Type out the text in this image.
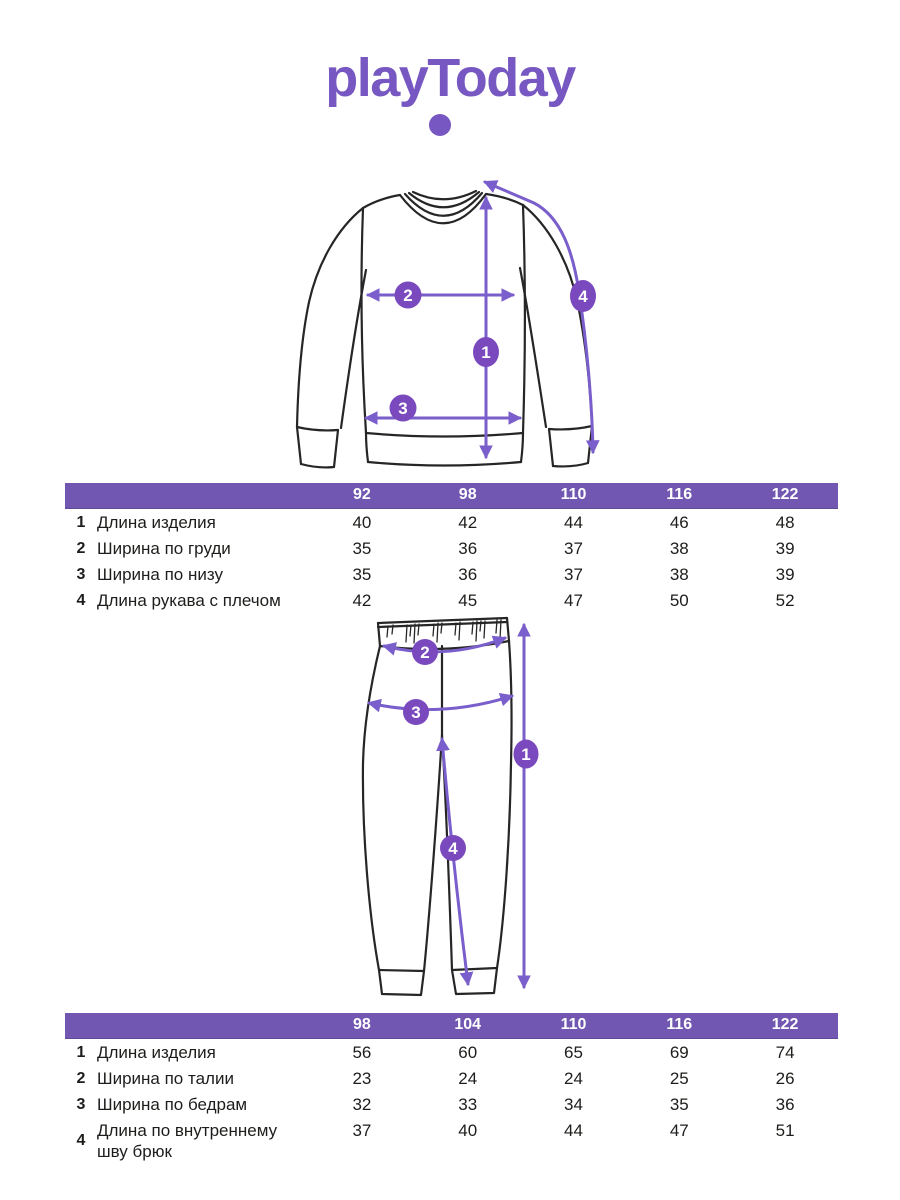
playToday
1
2
3
4
		92	98	110	116	122
1	Длина изделия	40	42	44	46	48
2	Ширина по груди	35	36	37	38	39
3	Ширина по низу	35	36	37	38	39
4	Длина рукава с плечом	42	45	47	50	52
1
2
3
4
		98	104	110	116	122
1	Длина изделия	56	60	65	69	74
2	Ширина по талии	23	24	24	25	26
3	Ширина по бедрам	32	33	34	35	36
4	Длина по внутреннему шву брюк	37	40	44	47	51
